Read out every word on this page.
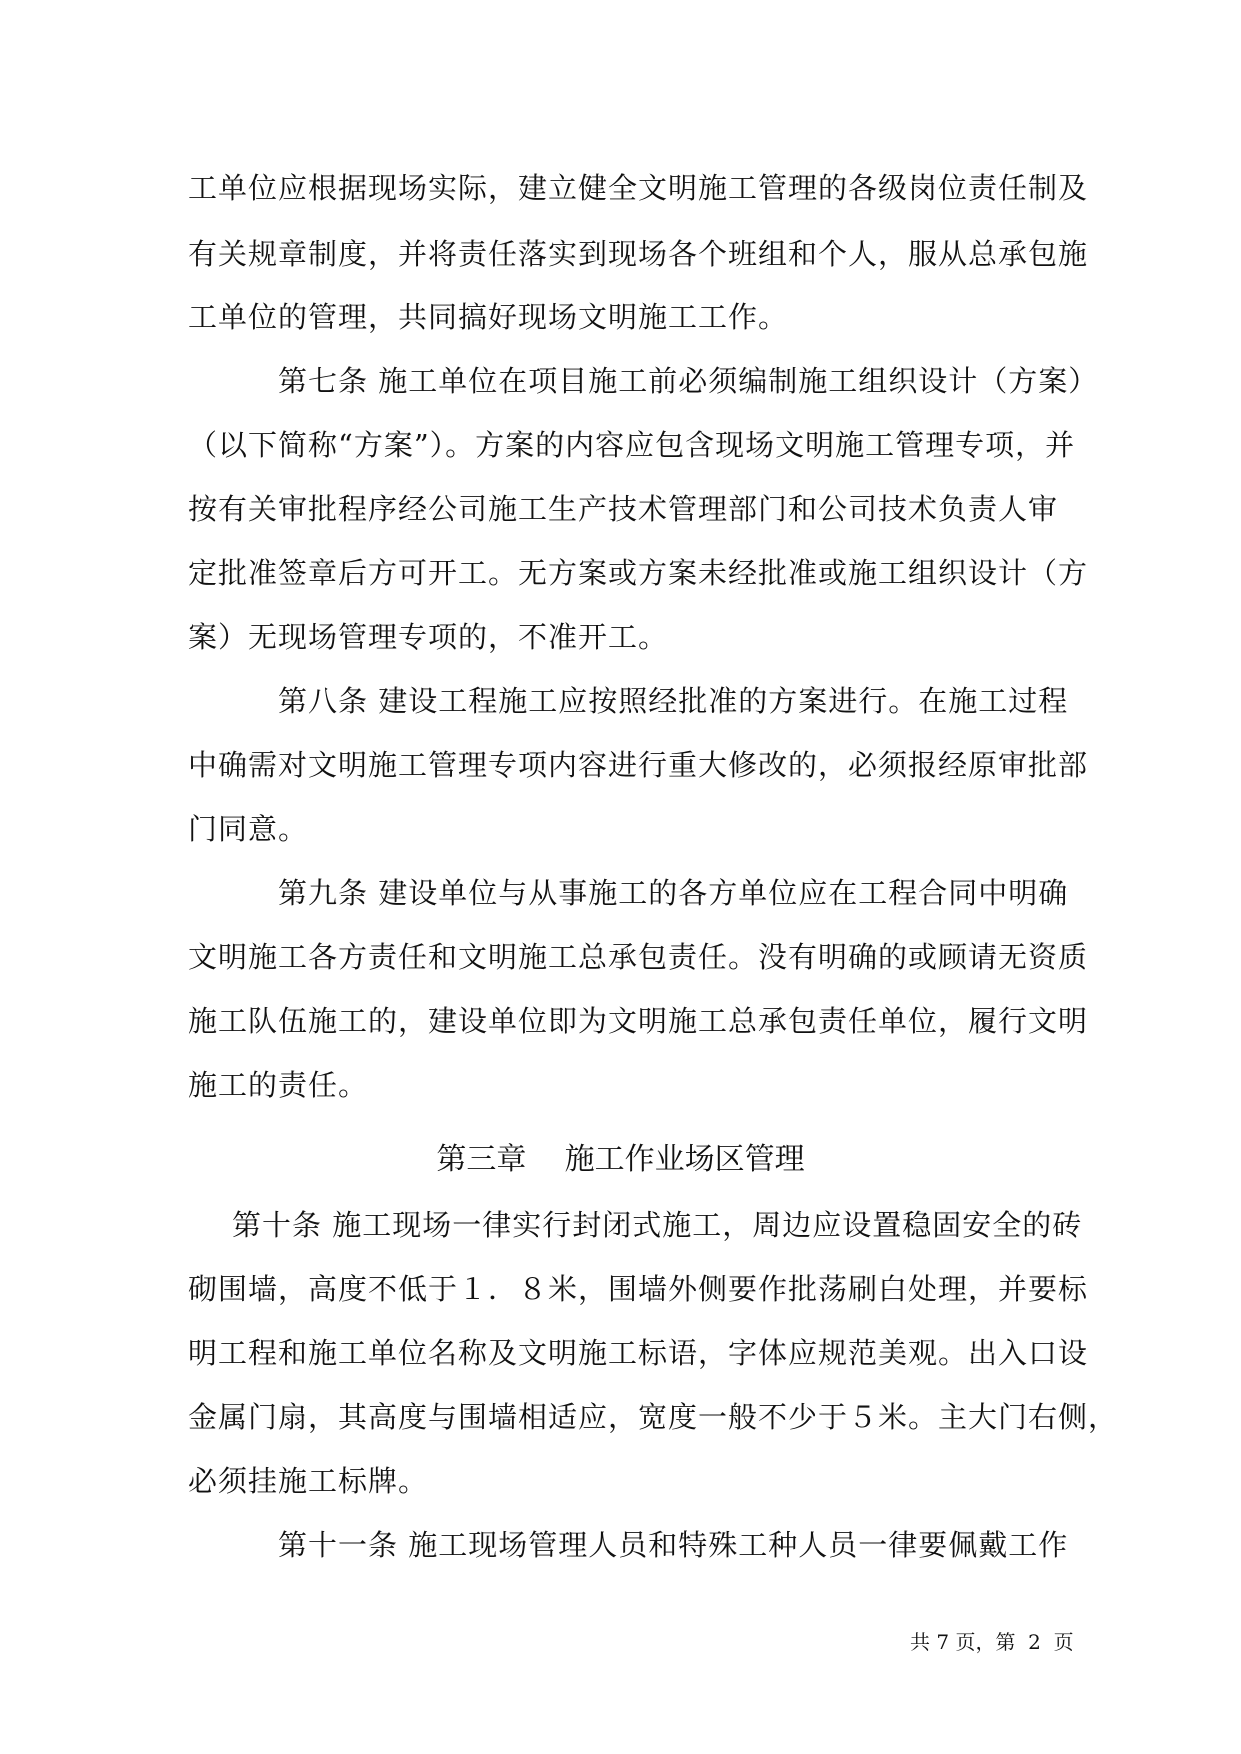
工单位应根据现场实际，建立健全文明施工管理的各级岗位责任制及
有关规章制度，并将责任落实到现场各个班组和个人，服从总承包施
工单位的管理，共同搞好现场文明施工工作。
第七条 施工单位在项目施工前必须编制施工组织设计（方案）
（以下简称“方案”）。方案的内容应包含现场文明施工管理专项，并
按有关审批程序经公司施工生产技术管理部门和公司技术负责人审
定批准签章后方可开工。无方案或方案未经批准或施工组织设计（方
案）无现场管理专项的，不准开工。
第八条 建设工程施工应按照经批准的方案进行。在施工过程
中确需对文明施工管理专项内容进行重大修改的，必须报经原审批部
门同意。
第九条 建设单位与从事施工的各方单位应在工程合同中明确
文明施工各方责任和文明施工总承包责任。没有明确的或顾请无资质
施工队伍施工的，建设单位即为文明施工总承包责任单位，履行文明
施工的责任。
第三章    施工作业场区管理
第十条 施工现场一律实行封闭式施工，周边应设置稳固安全的砖
砌围墙，高度不低于１．８米，围墙外侧要作批荡刷白处理，并要标
明工程和施工单位名称及文明施工标语，字体应规范美观。出入口设
金属门扇，其高度与围墙相适应，宽度一般不少于５米。主大门右侧，
必须挂施工标牌。
第十一条 施工现场管理人员和特殊工种人员一律要佩戴工作
共 7 页，第  2  页
